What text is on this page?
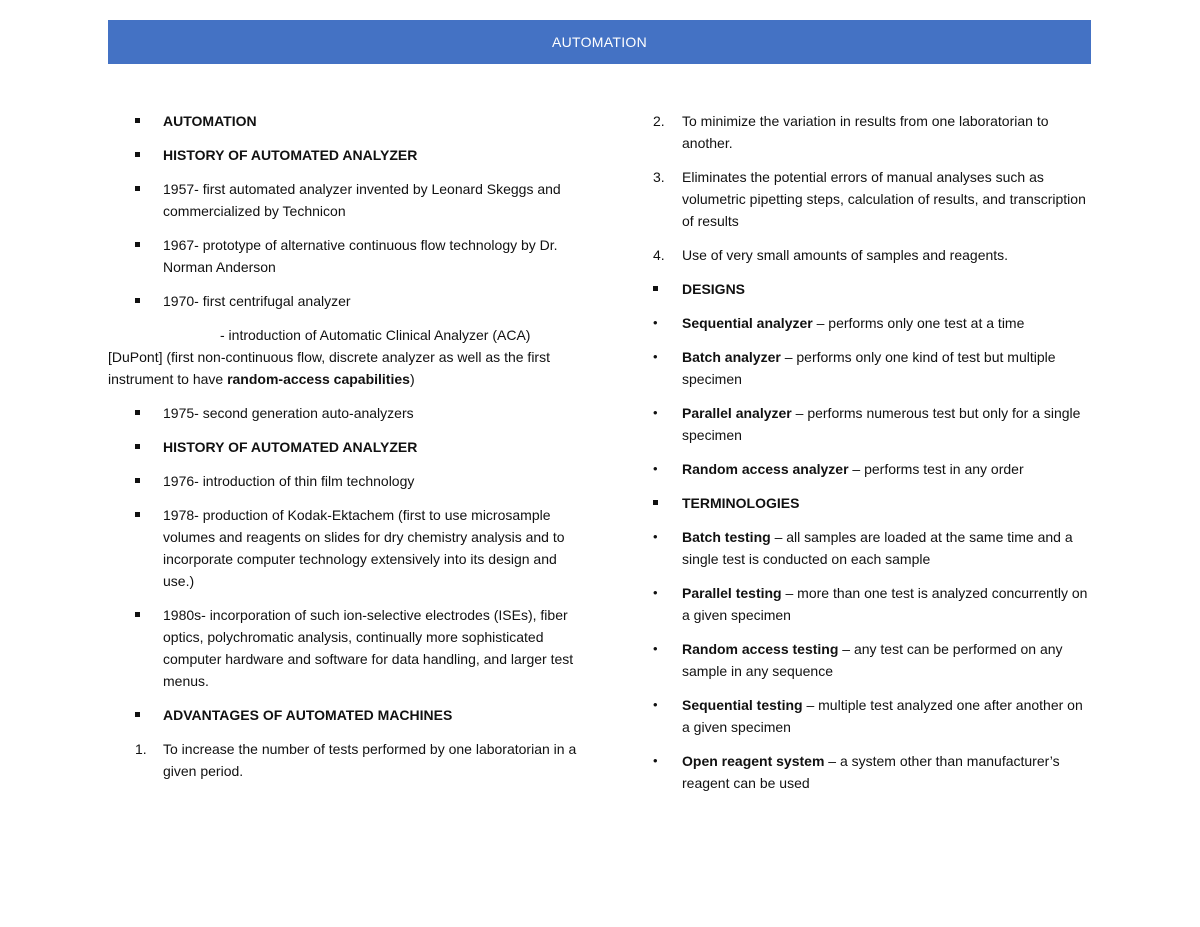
AUTOMATION
AUTOMATION
HISTORY OF AUTOMATED ANALYZER
1957- first automated analyzer invented by Leonard Skeggs and commercialized by Technicon
1967- prototype of alternative continuous flow technology by Dr. Norman Anderson
1970- first centrifugal analyzer
- introduction of Automatic Clinical Analyzer (ACA)
[DuPont] (first non-continuous flow, discrete analyzer as well as the first instrument to have random-access capabilities)
1975- second generation auto-analyzers
HISTORY OF AUTOMATED ANALYZER
1976- introduction of thin film technology
1978- production of Kodak-Ektachem (first to use microsample volumes and reagents on slides for dry chemistry analysis and to incorporate computer technology extensively into its design and use.)
1980s- incorporation of such ion-selective electrodes (ISEs), fiber optics, polychromatic analysis, continually more sophisticated computer hardware and software for data handling, and larger test menus.
ADVANTAGES OF AUTOMATED MACHINES
1.	To increase the number of tests performed by one laboratorian in a given period.
2.	To minimize the variation in results from one laboratorian to another.
3.	Eliminates the potential errors of manual analyses such as volumetric pipetting steps, calculation of results, and transcription of results
4.	Use of very small amounts of samples and reagents.
DESIGNS
•	Sequential analyzer – performs only one test at a time
•	Batch analyzer – performs only one kind of test but multiple specimen
•	Parallel analyzer – performs numerous test but only for a single specimen
•	Random access analyzer – performs test in any order
TERMINOLOGIES
•	Batch testing – all samples are loaded at the same time and a single test is conducted on each sample
•	Parallel testing – more than one test is analyzed concurrently on a given specimen
•	Random access testing – any test can be performed on any sample in any sequence
•	Sequential testing – multiple test analyzed one after another on a given specimen
•	Open reagent system – a system other than manufacturer’s reagent can be used
